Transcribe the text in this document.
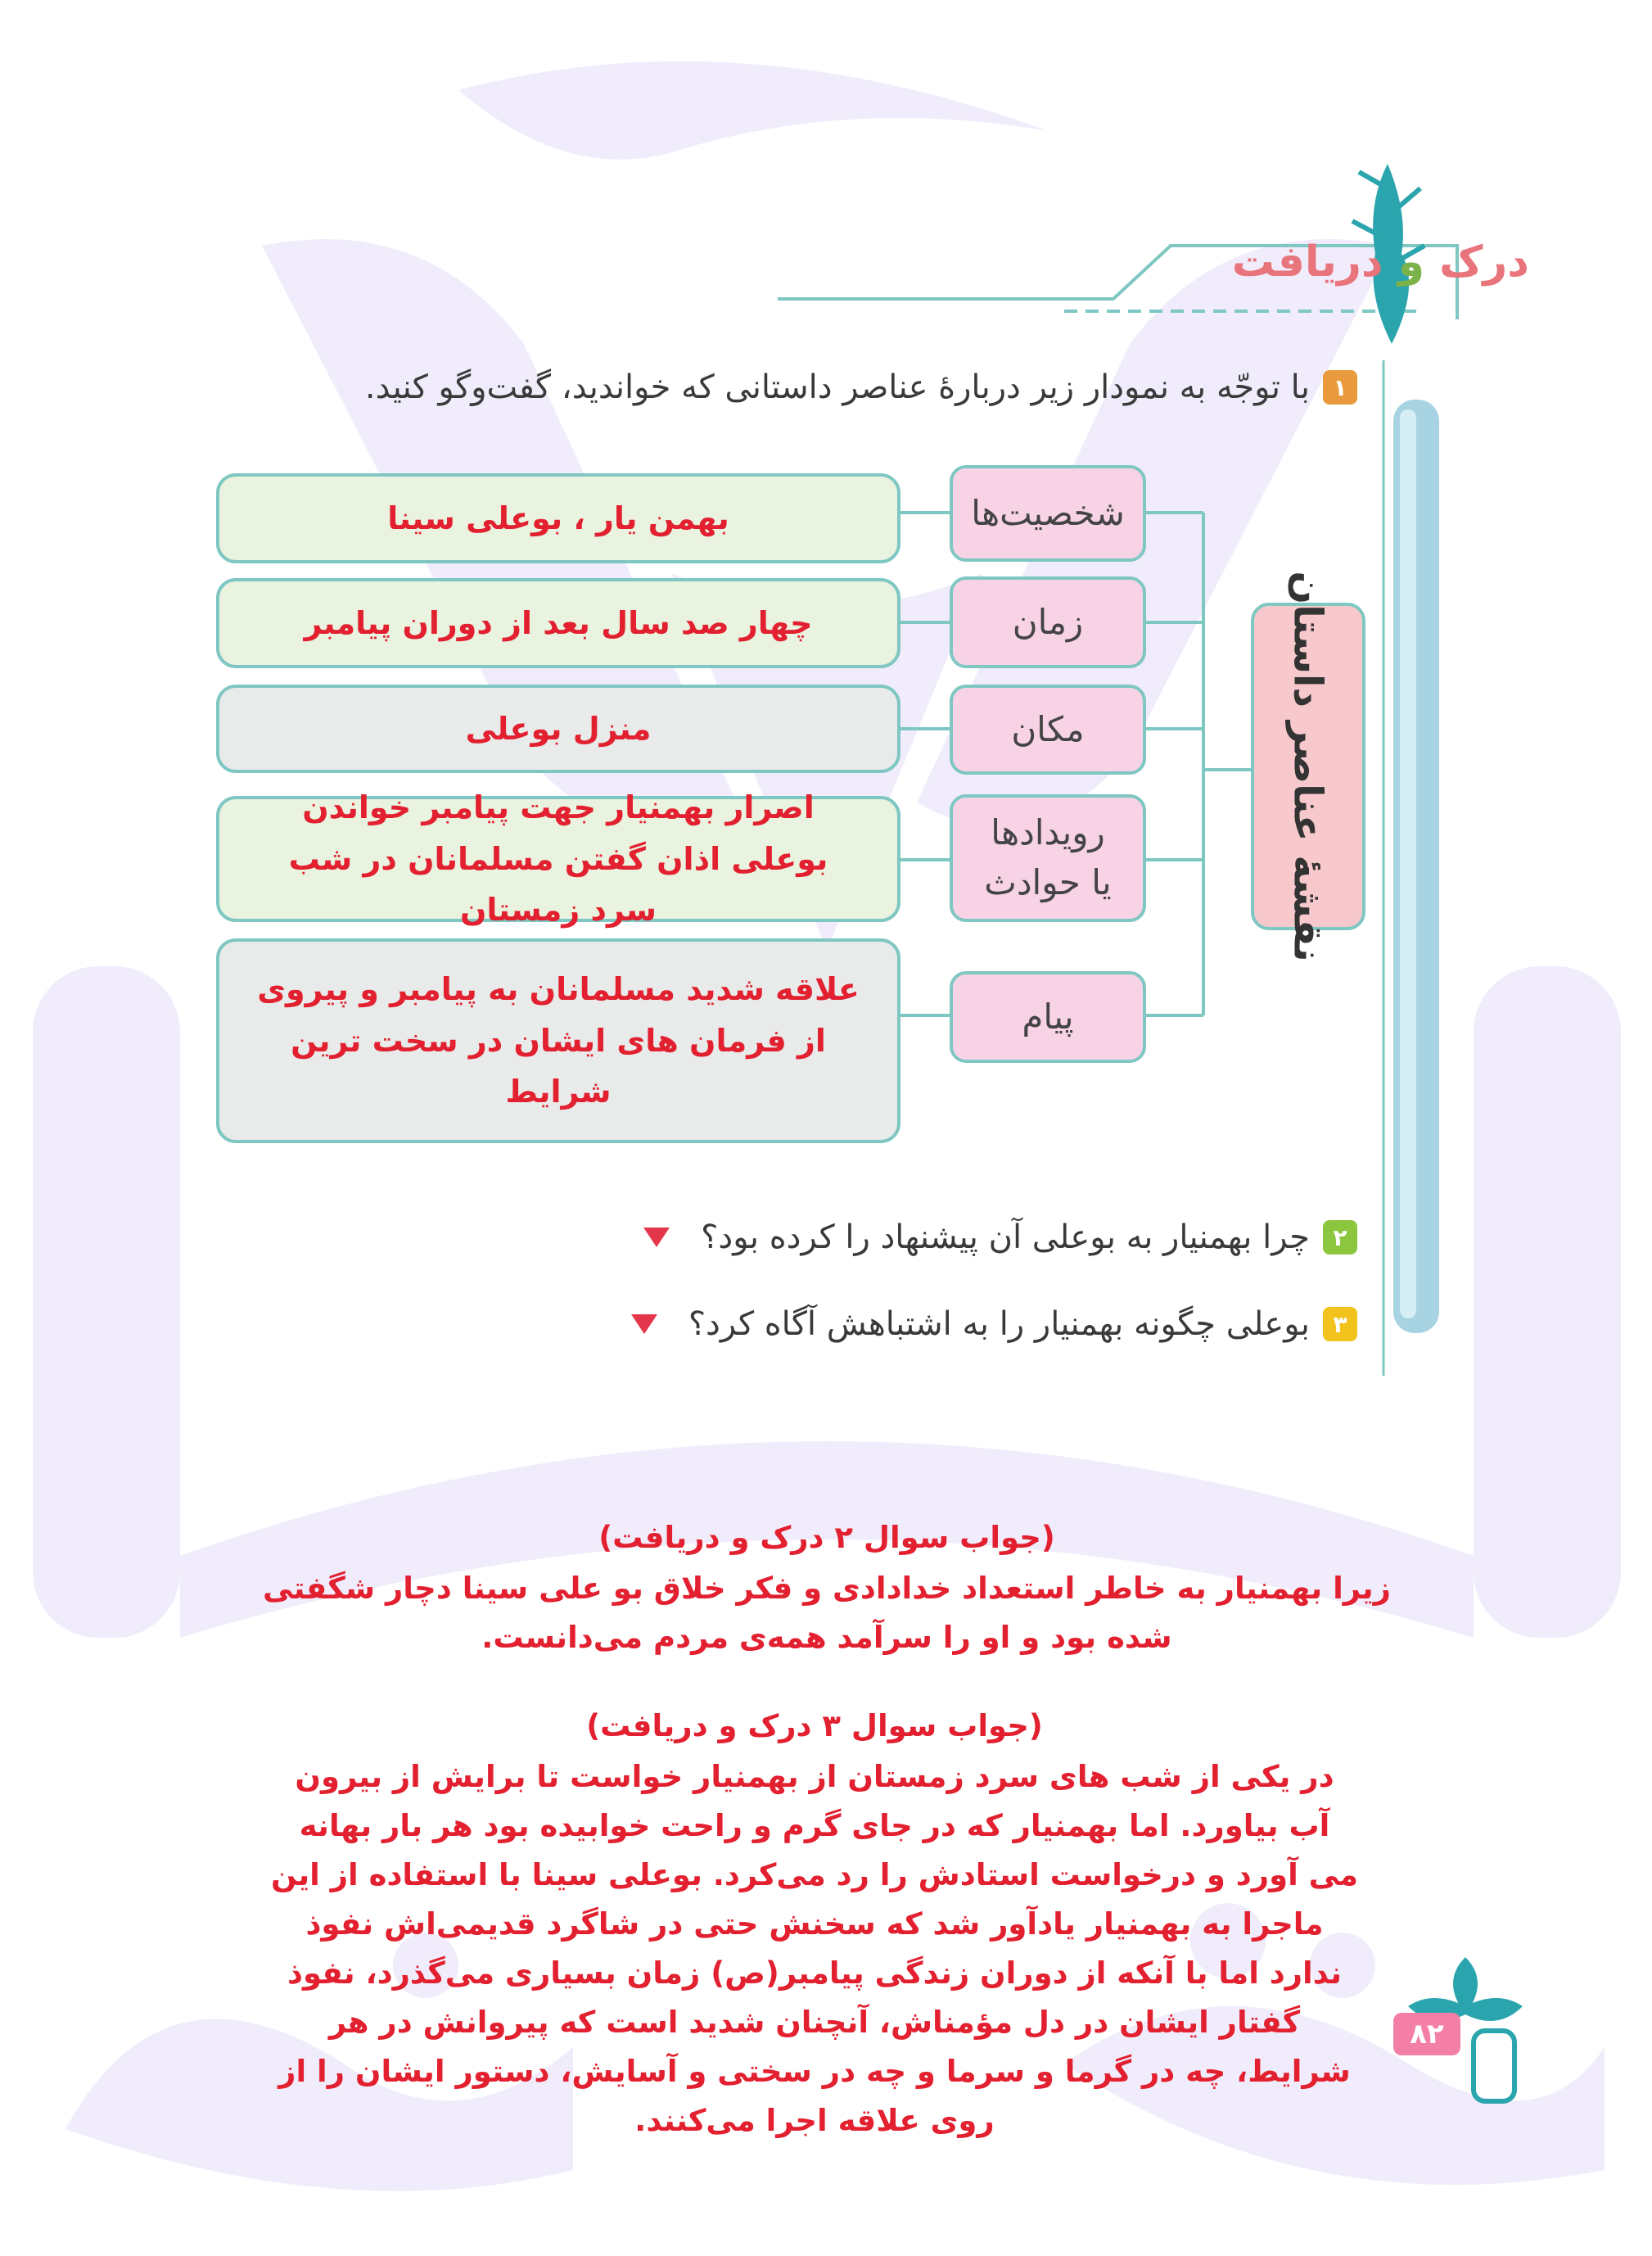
درک و دریافت
۱
با توجّه به نمودار زیر دربارهٔ عناصر داستانی که خواندید، گفت‌وگو کنید.
نقشهٔ عناصر داستان
شخصیت‌ها
بهمن یار ، بوعلی سینا
زمان
چهار صد سال بعد از دوران پیامبر
مکان
منزل بوعلی
رویدادها یا حوادث
اصرار بهمنیار جهت پیامبر خواندن بوعلی اذان گفتن مسلمانان در شب سرد زمستان
پیام
علاقه شدید مسلمانان به پیامبر و پیروی از فرمان های ایشان در سخت ترین شرایط
۲
چرا بهمنیار به بوعلی آن پیشنهاد را کرده بود؟
۳
بوعلی چگونه بهمنیار را به اشتباهش آگاه کرد؟
(جواب سوال ۲ درک و دریافت)
زیرا بهمنیار به خاطر استعداد خدادادی و فکر خلاق بو علی سینا دچار شگفتی شده بود و او را سرآمد همه‌ی مردم می‌دانست.
(جواب سوال ۳ درک و دریافت)
در یکی از شب های سرد زمستان از بهمنیار خواست تا برایش از بیرون آب بیاورد. اما بهمنیار که در جای گرم و راحت خوابیده بود هر بار بهانه می آورد و درخواست استادش را رد می‌کرد. بوعلی سینا با استفاده از این ماجرا به بهمنیار یادآور شد که سخنش حتی در شاگرد قدیمی‌اش نفوذ ندارد اما با آنکه از دوران زندگی پیامبر(ص) زمان بسیاری می‌گذرد، نفوذ گفتار ایشان در دل مؤمناش، آنچنان شدید است که پیروانش در هر شرایط، چه در گرما و سرما و چه در سختی و آسایش، دستور ایشان را از روی علاقه اجرا می‌کنند.
۸۲
